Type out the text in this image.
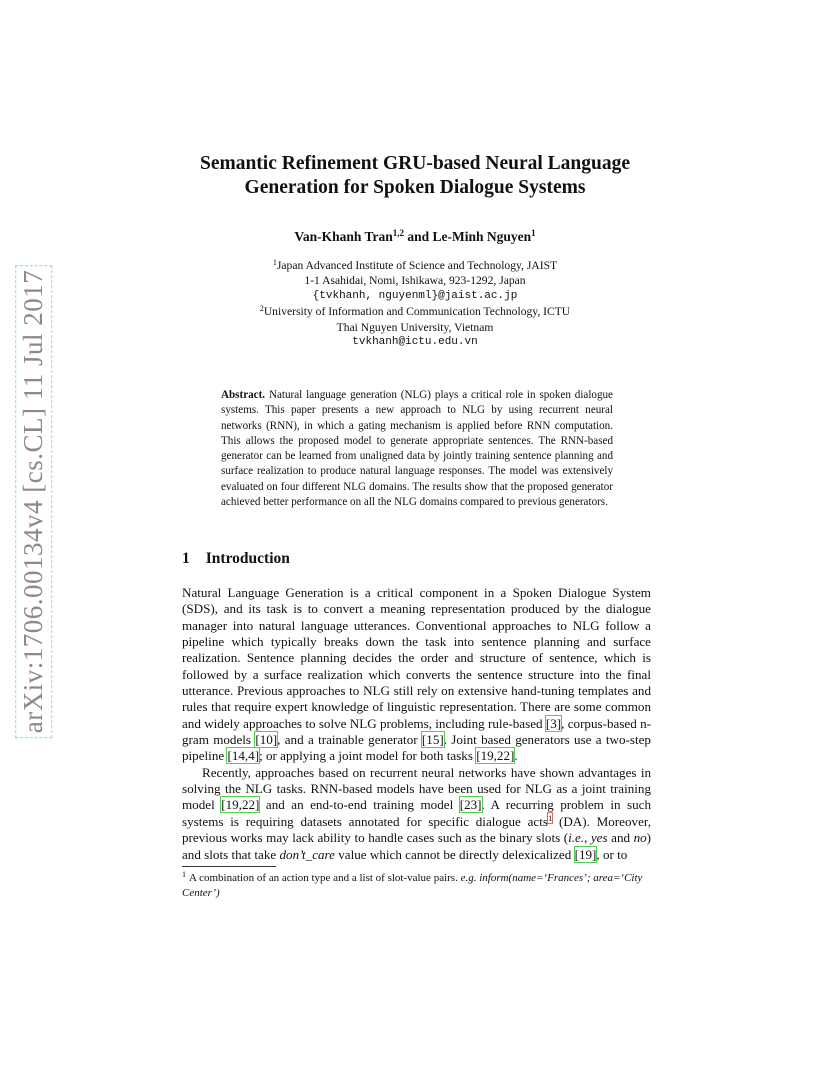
arXiv:1706.00134v4 [cs.CL] 11 Jul 2017
Semantic Refinement GRU-based Neural Language
Generation for Spoken Dialogue Systems
Van-Khanh Tran$^{1,2}$ and Le-Minh Nguyen$^1$
$^1$Japan Advanced Institute of Science and Technology, JAIST
1-1 Asahidai, Nomi, Ishikawa, 923-1292, Japan
{tvkhanh, nguyenml}@jaist.ac.jp
$^2$University of Information and Communication Technology, ICTU
Thai Nguyen University, Vietnam
tvkhanh@ictu.edu.vn
Abstract. Natural language generation (NLG) plays a critical role in spoken dialogue systems. This paper presents a new approach to NLG by using recurrent neural networks (RNN), in which a gating mechanism is applied before RNN computation. This allows the proposed model to generate appropriate sentences. The RNN-based generator can be learned from unaligned data by jointly training sentence planning and surface realization to produce natural language responses. The model was extensively evaluated on four different NLG domains. The results show that the proposed generator achieved better performance on all the NLG domains compared to previous generators.
1 Introduction

Natural Language Generation is a critical component in a Spoken Dialogue System (SDS), and its task is to convert a meaning representation produced by the dialogue manager into natural language utterances. Conventional approaches to NLG follow a pipeline which typically breaks down the task into sentence planning and surface realization. Sentence planning decides the order and structure of sentence, which is followed by a surface realization which converts the sentence structure into the final utterance. Previous approaches to NLG still rely on extensive hand-tuning templates and rules that require expert knowledge of linguistic representation. There are some common and widely approaches to solve NLG problems, including rule-based [3], corpus-based n-gram models [10], and a trainable generator [15]. Joint based generators use a two-step pipeline [14,4]; or applying a joint model for both tasks [19,22].

Recently, approaches based on recurrent neural networks have shown advantages in solving the NLG tasks. RNN-based models have been used for NLG as a joint training model [19,22] and an end-to-end training model [23]. A recurring problem in such systems is requiring datasets annotated for specific dialogue acts$^1$ (DA). Moreover, previous works may lack ability to handle cases such as the binary slots (i.e., yes and no) and slots that take don’t_care value which cannot be directly delexicalized [19], or to

$^1$ A combination of an action type and a list of slot-value pairs. e.g. inform(name=‘Frances’; area=‘City Center’)
